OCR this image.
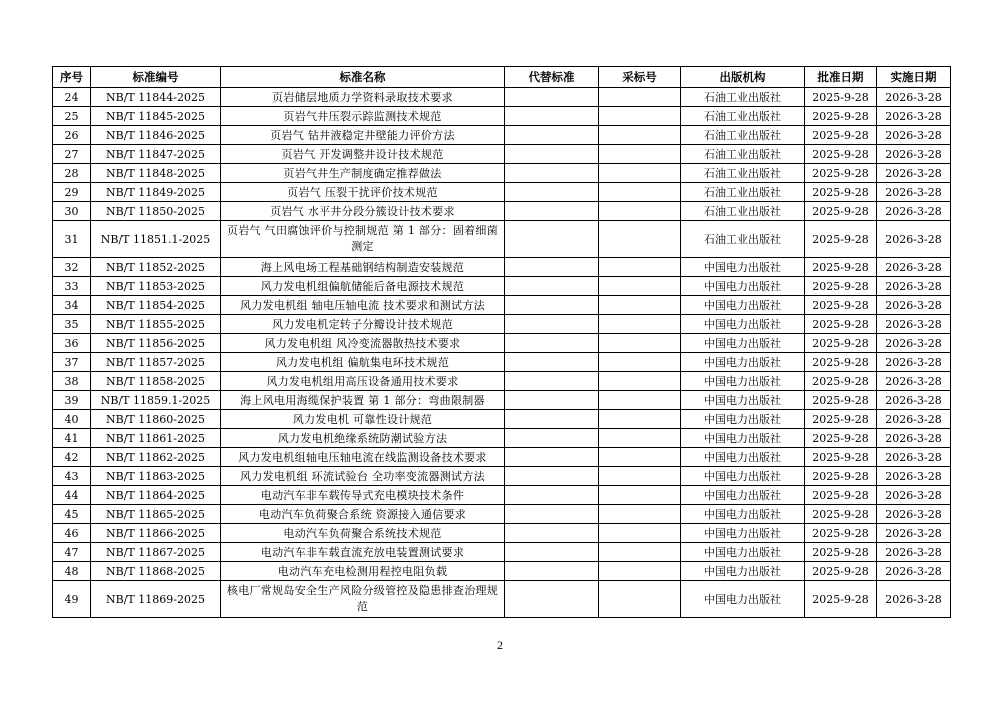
序号	标准编号	标准名称	代替标准	采标号	出版机构	批准日期	实施日期
24	NB/T 11844-2025	页岩储层地质力学资料录取技术要求			石油工业出版社	2025-9-28	2026-3-28
25	NB/T 11845-2025	页岩气井压裂示踪监测技术规范			石油工业出版社	2025-9-28	2026-3-28
26	NB/T 11846-2025	页岩气 钻井液稳定井壁能力评价方法			石油工业出版社	2025-9-28	2026-3-28
27	NB/T 11847-2025	页岩气 开发调整井设计技术规范			石油工业出版社	2025-9-28	2026-3-28
28	NB/T 11848-2025	页岩气井生产制度确定推荐做法			石油工业出版社	2025-9-28	2026-3-28
29	NB/T 11849-2025	页岩气 压裂干扰评价技术规范			石油工业出版社	2025-9-28	2026-3-28
30	NB/T 11850-2025	页岩气 水平井分段分簇设计技术要求			石油工业出版社	2025-9-28	2026-3-28
31	NB/T 11851.1-2025	页岩气 气田腐蚀评价与控制规范 第 1 部分：固着细菌测定			石油工业出版社	2025-9-28	2026-3-28
32	NB/T 11852-2025	海上风电场工程基础钢结构制造安装规范			中国电力出版社	2025-9-28	2026-3-28
33	NB/T 11853-2025	风力发电机组偏航储能后备电源技术规范			中国电力出版社	2025-9-28	2026-3-28
34	NB/T 11854-2025	风力发电机组 轴电压轴电流 技术要求和测试方法			中国电力出版社	2025-9-28	2026-3-28
35	NB/T 11855-2025	风力发电机定转子分瓣设计技术规范			中国电力出版社	2025-9-28	2026-3-28
36	NB/T 11856-2025	风力发电机组 风冷变流器散热技术要求			中国电力出版社	2025-9-28	2026-3-28
37	NB/T 11857-2025	风力发电机组 偏航集电环技术规范			中国电力出版社	2025-9-28	2026-3-28
38	NB/T 11858-2025	风力发电机组用高压设备通用技术要求			中国电力出版社	2025-9-28	2026-3-28
39	NB/T 11859.1-2025	海上风电用海缆保护装置 第 1 部分：弯曲限制器			中国电力出版社	2025-9-28	2026-3-28
40	NB/T 11860-2025	风力发电机 可靠性设计规范			中国电力出版社	2025-9-28	2026-3-28
41	NB/T 11861-2025	风力发电机绝缘系统防潮试验方法			中国电力出版社	2025-9-28	2026-3-28
42	NB/T 11862-2025	风力发电机组轴电压轴电流在线监测设备技术要求			中国电力出版社	2025-9-28	2026-3-28
43	NB/T 11863-2025	风力发电机组 环流试验台 全功率变流器测试方法			中国电力出版社	2025-9-28	2026-3-28
44	NB/T 11864-2025	电动汽车非车载传导式充电模块技术条件			中国电力出版社	2025-9-28	2026-3-28
45	NB/T 11865-2025	电动汽车负荷聚合系统 资源接入通信要求			中国电力出版社	2025-9-28	2026-3-28
46	NB/T 11866-2025	电动汽车负荷聚合系统技术规范			中国电力出版社	2025-9-28	2026-3-28
47	NB/T 11867-2025	电动汽车非车载直流充放电装置测试要求			中国电力出版社	2025-9-28	2026-3-28
48	NB/T 11868-2025	电动汽车充电检测用程控电阻负载			中国电力出版社	2025-9-28	2026-3-28
49	NB/T 11869-2025	核电厂常规岛安全生产风险分级管控及隐患排查治理规范			中国电力出版社	2025-9-28	2026-3-28
2
